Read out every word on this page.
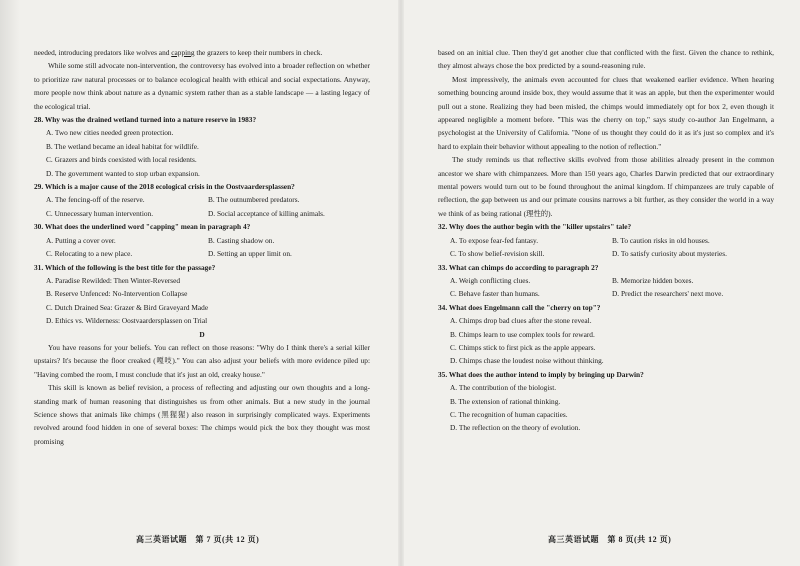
needed, introducing predators like wolves and capping the grazers to keep their numbers in check.

While some still advocate non-intervention, the controversy has evolved into a broader reflection on whether to prioritize raw natural processes or to balance ecological health with ethical and social expectations. Anyway, more people now think about nature as a dynamic system rather than as a stable landscape — a lasting legacy of the ecological trial.

28. Why was the drained wetland turned into a nature reserve in 1983?

A. Two new cities needed green protection.

B. The wetland became an ideal habitat for wildlife.

C. Grazers and birds coexisted with local residents.

D. The government wanted to stop urban expansion.

29. Which is a major cause of the 2018 ecological crisis in the Oostvaardersplassen?

A. The fencing-off of the reserve.	B. The outnumbered predators.
C. Unnecessary human intervention.	D. Social acceptance of killing animals.

30. What does the underlined word "capping" mean in paragraph 4?

A. Putting a cover over.	B. Casting shadow on.
C. Relocating to a new place.	D. Setting an upper limit on.

31. Which of the following is the best title for the passage?

A. Paradise Rewilded: Then Winter-Reversed

B. Reserve Unfenced: No-Intervention Collapse

C. Dutch Drained Sea: Grazer & Bird Graveyard Made

D. Ethics vs. Wilderness: Oostvaardersplassen on Trial

D

You have reasons for your beliefs. You can reflect on those reasons: "Why do I think there's a serial killer upstairs? It's because the floor creaked (嘎吱)." You can also adjust your beliefs with more evidence piled up: "Having combed the room, I must conclude that it's just an old, creaky house."

This skill is known as belief revision, a process of reflecting and adjusting our own thoughts and a long-standing mark of human reasoning that distinguishes us from other animals. But a new study in the journal Science shows that animals like chimps (黑猩猩) also reason in surprisingly complicated ways. Experiments revolved around food hidden in one of several boxes: The chimps would pick the box they thought was most promising

based on an initial clue. Then they'd get another clue that conflicted with the first. Given the chance to rethink, they almost always chose the box predicted by a sound-reasoning rule.

Most impressively, the animals even accounted for clues that weakened earlier evidence. When hearing something bouncing around inside box, they would assume that it was an apple, but then the experimenter would pull out a stone. Realizing they had been misled, the chimps would immediately opt for box 2, even though it appeared negligible a moment before. "This was the cherry on top," says study co-author Jan Engelmann, a psychologist at the University of California. "None of us thought they could do it as it's just so complex and it's hard to explain their behavior without appealing to the notion of reflection."

The study reminds us that reflective skills evolved from those abilities already present in the common ancestor we share with chimpanzees. More than 150 years ago, Charles Darwin predicted that our extraordinary mental powers would turn out to be found throughout the animal kingdom. If chimpanzees are truly capable of reflection, the gap between us and our primate cousins narrows a bit further, as they consider the world in a way we think of as being rational (理性的).

32. Why does the author begin with the "killer upstairs" tale?

A. To expose fear-fed fantasy.	B. To caution risks in old houses.
C. To show belief-revision skill.	D. To satisfy curiosity about mysteries.

33. What can chimps do according to paragraph 2?

A. Weigh conflicting clues.	B. Memorize hidden boxes.
C. Behave faster than humans.	D. Predict the researchers' next move.

34. What does Engelmann call the "cherry on top"?

A. Chimps drop bad clues after the stone reveal.

B. Chimps learn to use complex tools for reward.

C. Chimps stick to first pick as the apple appears.

D. Chimps chase the loudest noise without thinking.

35. What does the author intend to imply by bringing up Darwin?

A. The contribution of the biologist.

B. The extension of rational thinking.

C. The recognition of human capacities.

D. The reflection on the theory of evolution.

高三英语试题　第 7 页(共 12 页)	高三英语试题　第 8 页(共 12 页)
